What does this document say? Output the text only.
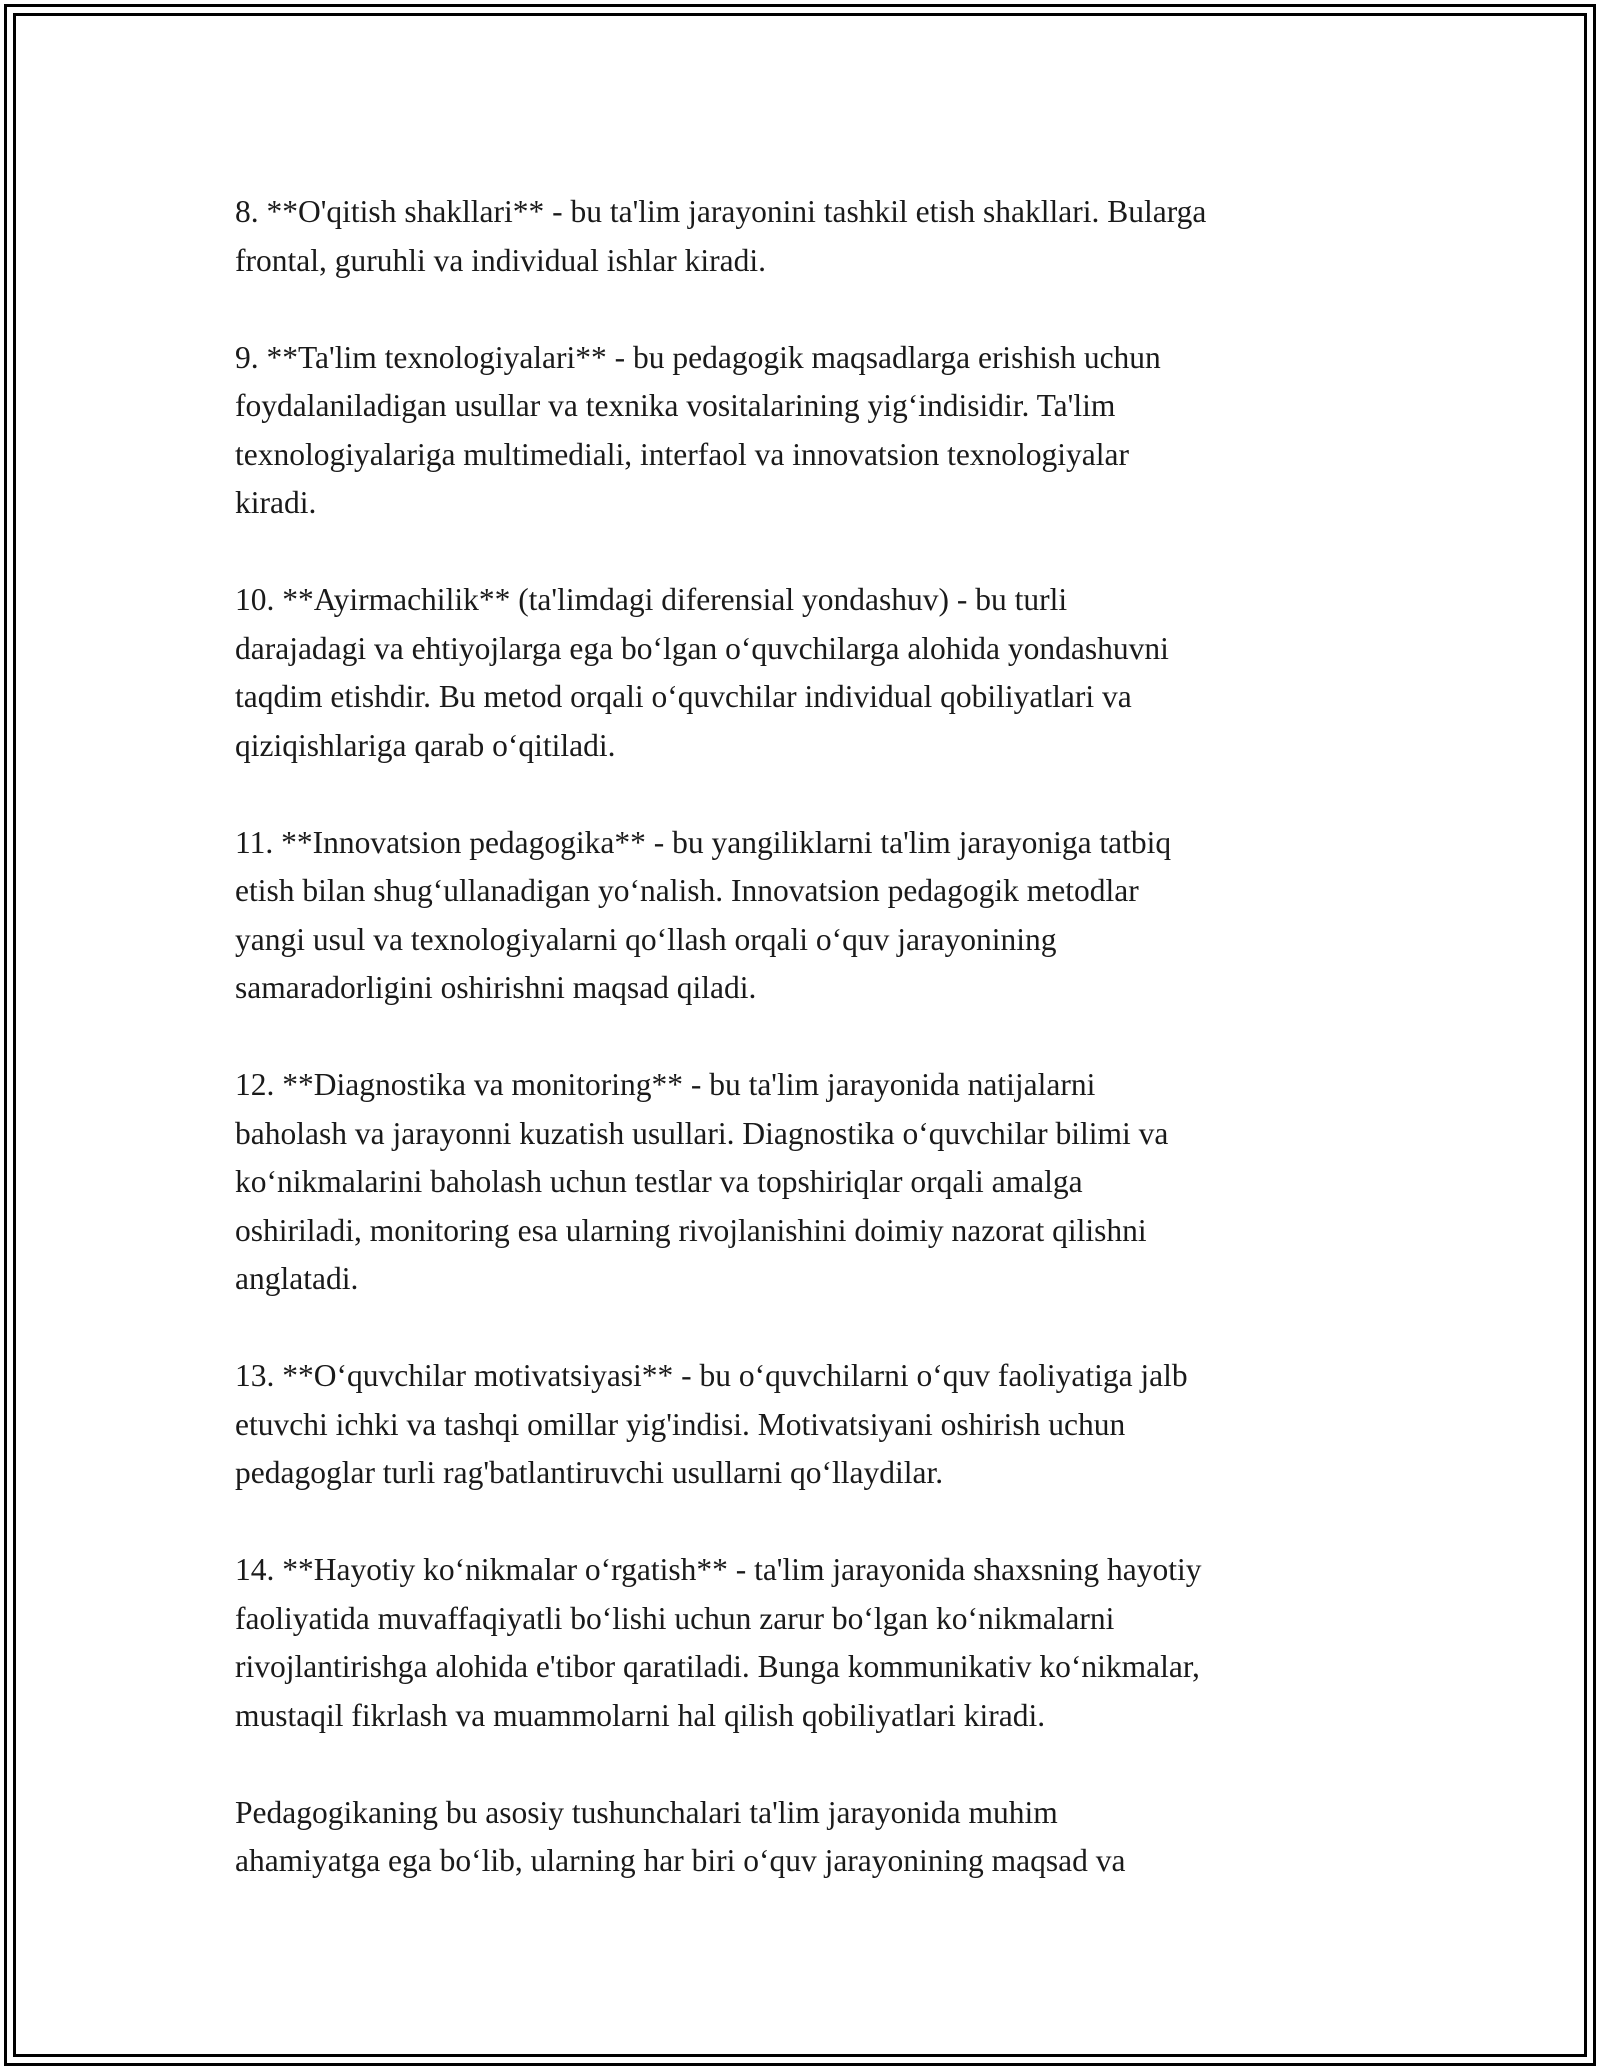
8. **O'qitish shakllari** - bu ta'lim jarayonini tashkil etish shakllari. Bularga
frontal, guruhli va individual ishlar kiradi.

9. **Ta'lim texnologiyalari** - bu pedagogik maqsadlarga erishish uchun
foydalaniladigan usullar va texnika vositalarining yig‘indisidir. Ta'lim
texnologiyalariga multimediali, interfaol va innovatsion texnologiyalar
kiradi.

10. **Ayirmachilik** (ta'limdagi diferensial yondashuv) - bu turli
darajadagi va ehtiyojlarga ega bo‘lgan o‘quvchilarga alohida yondashuvni
taqdim etishdir. Bu metod orqali o‘quvchilar individual qobiliyatlari va
qiziqishlariga qarab o‘qitiladi.

11. **Innovatsion pedagogika** - bu yangiliklarni ta'lim jarayoniga tatbiq
etish bilan shug‘ullanadigan yo‘nalish. Innovatsion pedagogik metodlar
yangi usul va texnologiyalarni qo‘llash orqali o‘quv jarayonining
samaradorligini oshirishni maqsad qiladi.

12. **Diagnostika va monitoring** - bu ta'lim jarayonida natijalarni
baholash va jarayonni kuzatish usullari. Diagnostika o‘quvchilar bilimi va
ko‘nikmalarini baholash uchun testlar va topshiriqlar orqali amalga
oshiriladi, monitoring esa ularning rivojlanishini doimiy nazorat qilishni
anglatadi.

13. **O‘quvchilar motivatsiyasi** - bu o‘quvchilarni o‘quv faoliyatiga jalb
etuvchi ichki va tashqi omillar yig'indisi. Motivatsiyani oshirish uchun
pedagoglar turli rag'batlantiruvchi usullarni qo‘llaydilar.

14. **Hayotiy ko‘nikmalar o‘rgatish** - ta'lim jarayonida shaxsning hayotiy
faoliyatida muvaffaqiyatli bo‘lishi uchun zarur bo‘lgan ko‘nikmalarni
rivojlantirishga alohida e'tibor qaratiladi. Bunga kommunikativ ko‘nikmalar,
mustaqil fikrlash va muammolarni hal qilish qobiliyatlari kiradi.

Pedagogikaning bu asosiy tushunchalari ta'lim jarayonida muhim
ahamiyatga ega bo‘lib, ularning har biri o‘quv jarayonining maqsad va
